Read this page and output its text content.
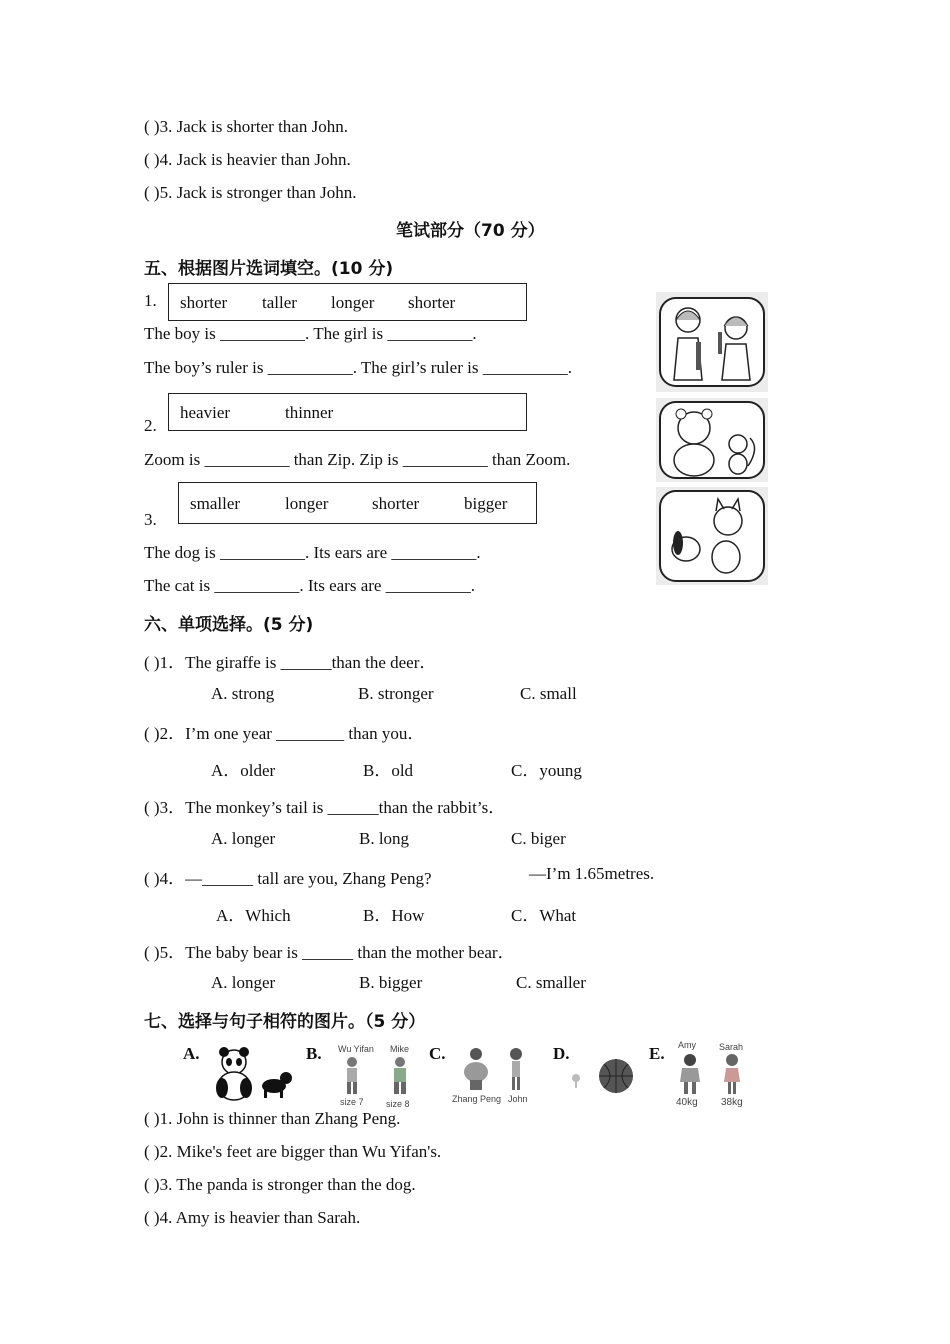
( )3. Jack is shorter than John.
( )4. Jack is heavier than John.
( )5. Jack is stronger than John.
笔试部分（70 分）
五、根据图片选词填空。(10 分)
1. shorter taller longer shorter
The boy is __________. The girl is __________.
The boy’s ruler is __________. The girl’s ruler is __________.
heavier	thinner
2.
Zoom is __________ than Zip. Zip is __________ than Zoom.
smaller	longer	shorter	bigger
3.
The dog is __________. Its ears are __________.
The cat is __________. Its ears are __________.
六、单项选择。(5 分)
( )1．The giraffe is ______than the deer．
A. strong	B. stronger	C. small
( )2．I’m one year ________ than you．
A．older	B．old	C．young
( )3．The monkey’s tail is ______than the rabbit’s．
A. longer	B. long	C. biger
( )4．—______ tall are you, Zhang Peng?	—I’m 1.65metres.
A．Which	B．How	C．What
( )5．The baby bear is ______ than the mother bear．
A. longer	B. bigger	C. smaller
七、选择与句子相符的图片。（5 分）
A.	B.	C.	D.	E.
Wu Yifan Mike
size 7 size 8	Zhang Peng John
Amy	Sarah
40kg 38kg
( )1. John is thinner than Zhang Peng.
( )2. Mike's feet are bigger than Wu Yifan's.
( )3. The panda is stronger than the dog.
( )4. Amy is heavier than Sarah.
